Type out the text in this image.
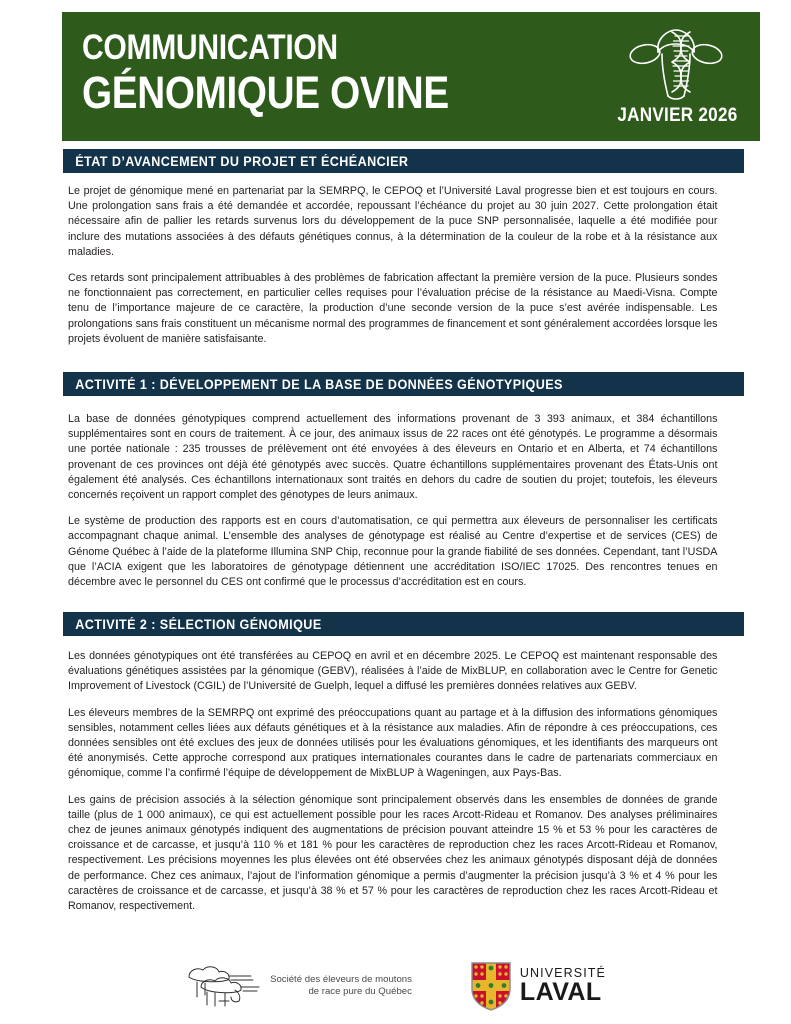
COMMUNICATION
GÉNOMIQUE OVINE	JANVIER 2026
ÉTAT D’AVANCEMENT DU PROJET ET ÉCHÉANCIER

Le projet de génomique mené en partenariat par la SEMRPQ, le CEPOQ et l’Université Laval progresse bien et est toujours en cours. Une prolongation sans frais a été demandée et accordée, repoussant l’échéance du projet au 30 juin 2027. Cette prolongation était nécessaire afin de pallier les retards survenus lors du développement de la puce SNP personnalisée, laquelle a été modifiée pour inclure des mutations associées à des défauts génétiques connus, à la détermination de la couleur de la robe et à la résistance aux maladies.

Ces retards sont principalement attribuables à des problèmes de fabrication affectant la première version de la puce. Plusieurs sondes ne fonctionnaient pas correctement, en particulier celles requises pour l’évaluation précise de la résistance au Maedi-Visna. Compte tenu de l’importance majeure de ce caractère, la production d’une seconde version de la puce s’est avérée indispensable. Les prolongations sans frais constituent un mécanisme normal des programmes de financement et sont généralement accordées lorsque les projets évoluent de manière satisfaisante.

ACTIVITÉ 1 : DÉVELOPPEMENT DE LA BASE DE DONNÉES GÉNOTYPIQUES

La base de données génotypiques comprend actuellement des informations provenant de 3 393 animaux, et 384 échantillons supplémentaires sont en cours de traitement. À ce jour, des animaux issus de 22 races ont été génotypés. Le programme a désormais une portée nationale : 235 trousses de prélèvement ont été envoyées à des éleveurs en Ontario et en Alberta, et 74 échantillons provenant de ces provinces ont déjà été génotypés avec succès. Quatre échantillons supplémentaires provenant des États-Unis ont également été analysés. Ces échantillons internationaux sont traités en dehors du cadre de soutien du projet; toutefois, les éleveurs concernés reçoivent un rapport complet des génotypes de leurs animaux.

Le système de production des rapports est en cours d’automatisation, ce qui permettra aux éleveurs de personnaliser les certificats accompagnant chaque animal. L’ensemble des analyses de génotypage est réalisé au Centre d’expertise et de services (CES) de Génome Québec à l’aide de la plateforme Illumina SNP Chip, reconnue pour la grande fiabilité de ses données. Cependant, tant l’USDA que l’ACIA exigent que les laboratoires de génotypage détiennent une accréditation ISO/IEC 17025. Des rencontres tenues en décembre avec le personnel du CES ont confirmé que le processus d’accréditation est en cours.

ACTIVITÉ 2 : SÉLECTION GÉNOMIQUE

Les données génotypiques ont été transférées au CEPOQ en avril et en décembre 2025. Le CEPOQ est maintenant responsable des évaluations génétiques assistées par la génomique (GEBV), réalisées à l’aide de MixBLUP, en collaboration avec le Centre for Genetic Improvement of Livestock (CGIL) de l’Université de Guelph, lequel a diffusé les premières données relatives aux GEBV.

Les éleveurs membres de la SEMRPQ ont exprimé des préoccupations quant au partage et à la diffusion des informations génomiques sensibles, notamment celles liées aux défauts génétiques et à la résistance aux maladies. Afin de répondre à ces préoccupations, ces données sensibles ont été exclues des jeux de données utilisés pour les évaluations génomiques, et les identifiants des marqueurs ont été anonymisés. Cette approche correspond aux pratiques internationales courantes dans le cadre de partenariats commerciaux en génomique, comme l’a confirmé l’équipe de développement de MixBLUP à Wageningen, aux Pays-Bas.

Les gains de précision associés à la sélection génomique sont principalement observés dans les ensembles de données de grande taille (plus de 1 000 animaux), ce qui est actuellement possible pour les races Arcott-Rideau et Romanov. Des analyses préliminaires chez de jeunes animaux génotypés indiquent des augmentations de précision pouvant atteindre 15 % et 53 % pour les caractères de croissance et de carcasse, et jusqu’à 110 % et 181 % pour les caractères de reproduction chez les races Arcott-Rideau et Romanov, respectivement. Les précisions moyennes les plus élevées ont été observées chez les animaux génotypés disposant déjà de données de performance. Chez ces animaux, l’ajout de l’information génomique a permis d’augmenter la précision jusqu’à 3 % et 4 % pour les caractères de croissance et de carcasse, et jusqu’à 38 % et 57 % pour les caractères de reproduction chez les races Arcott-Rideau et Romanov, respectivement.

Société des éleveurs de moutons
de race pure du Québec
UNIVERSITÉ
LAVAL
